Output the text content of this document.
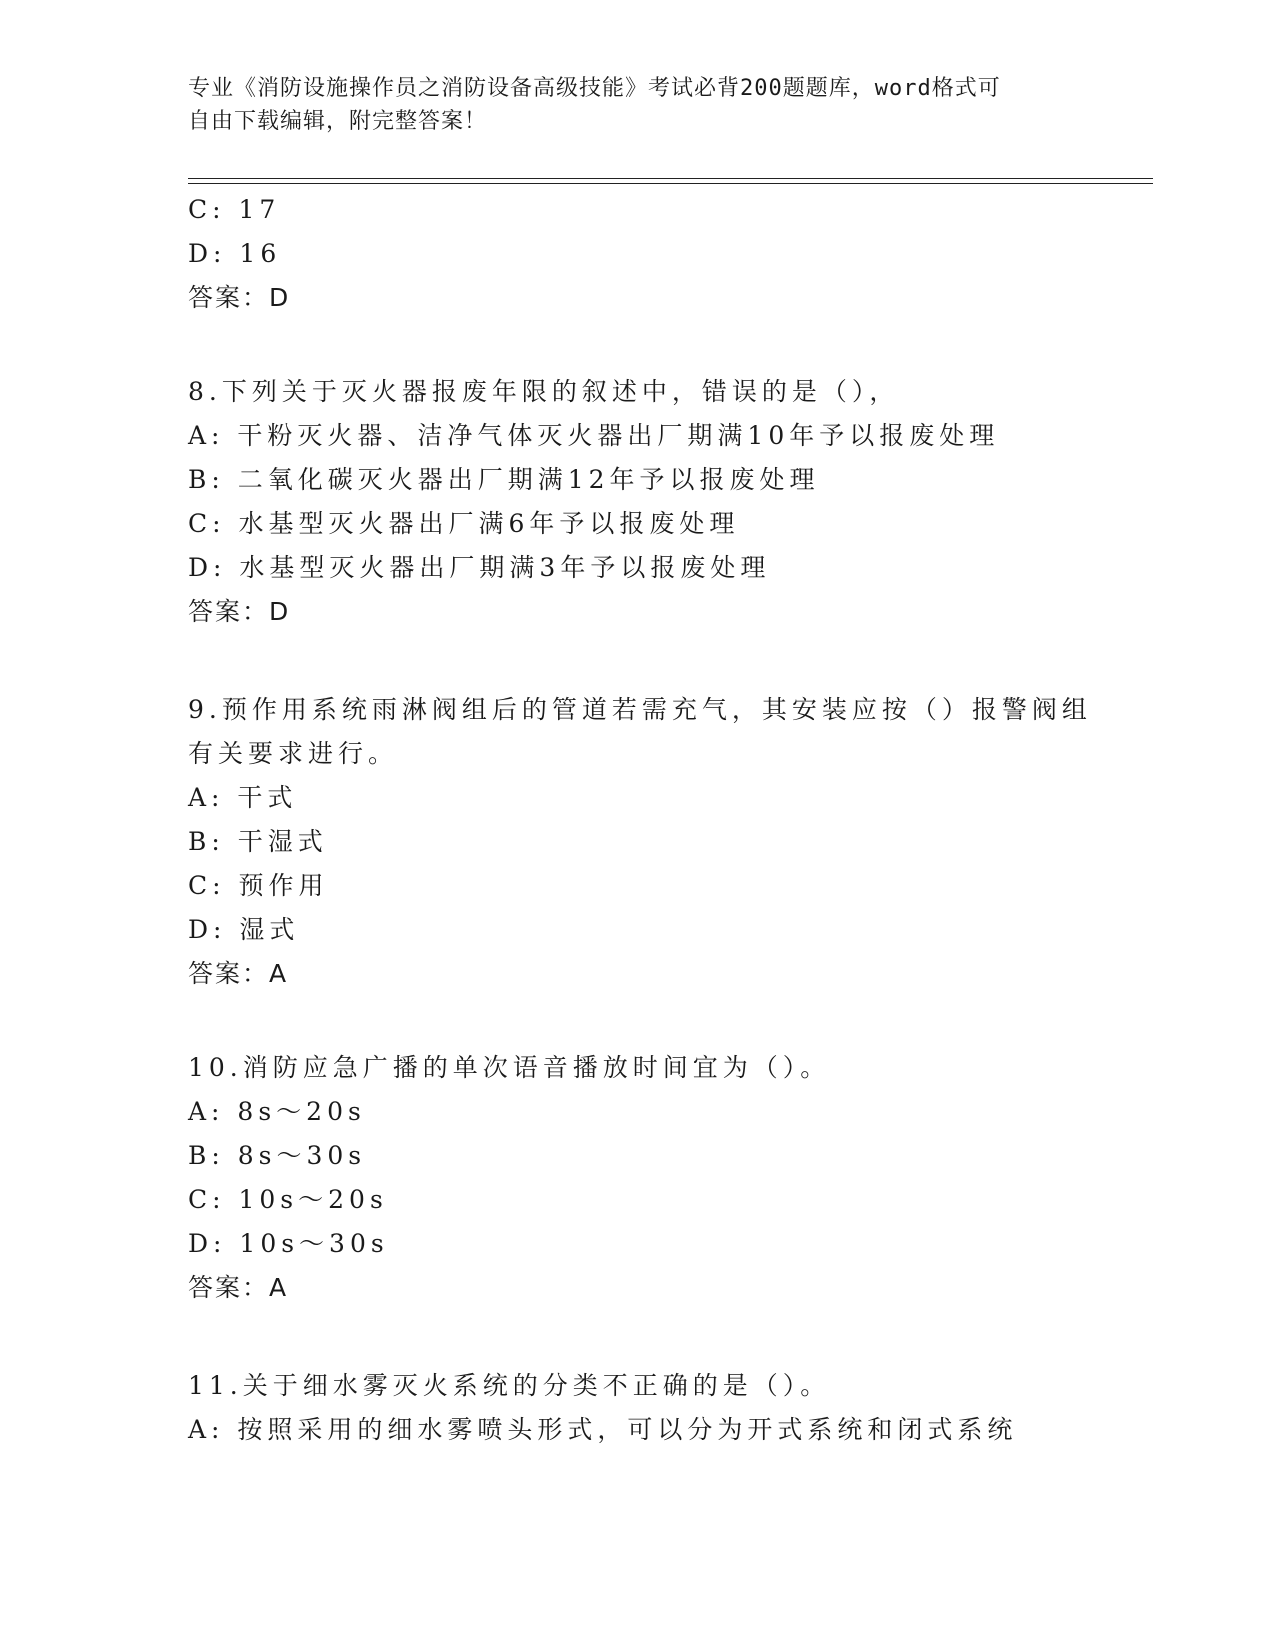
专业《消防设施操作员之消防设备高级技能》考试必背200题题库，word格式可
自由下载编辑，附完整答案！
C: 17
D: 16
答案：D
8.下列关于灭火器报废年限的叙述中，错误的是（），
A: 干粉灭火器、洁净气体灭火器出厂期满10年予以报废处理
B: 二氧化碳灭火器出厂期满12年予以报废处理
C: 水基型灭火器出厂满6年予以报废处理
D: 水基型灭火器出厂期满3年予以报废处理
答案：D
9.预作用系统雨淋阀组后的管道若需充气，其安装应按（）报警阀组
有关要求进行。
A: 干式
B: 干湿式
C: 预作用
D: 湿式
答案：A
10.消防应急广播的单次语音播放时间宜为（）。
A: 8s～20s
B: 8s～30s
C: 10s～20s
D: 10s～30s
答案：A
11.关于细水雾灭火系统的分类不正确的是（）。
A: 按照采用的细水雾喷头形式，可以分为开式系统和闭式系统
